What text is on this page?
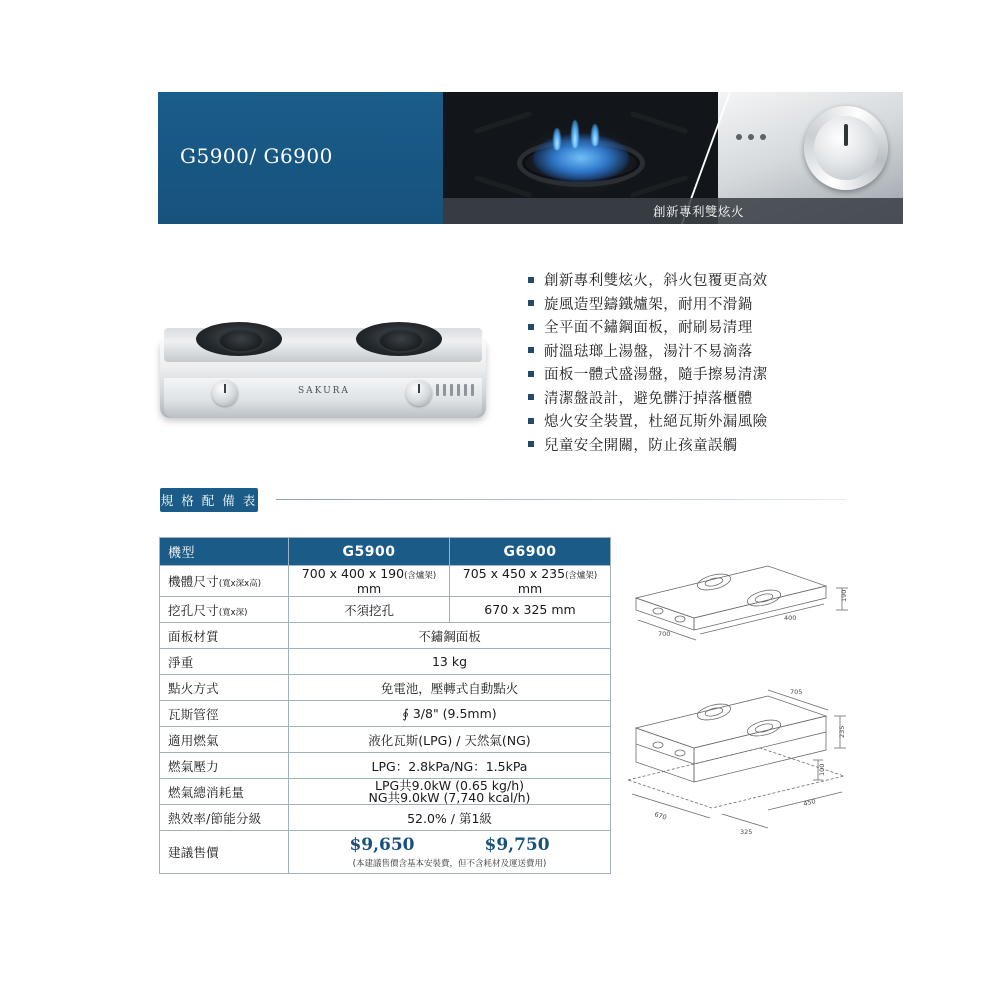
創新專利雙炫火
內外雙環獨立控火
G5900/ G6900
SAKURA
創新專利雙炫火，斜火包覆更高效
旋風造型鑄鐵爐架，耐用不滑鍋
全平面不鏽鋼面板，耐刷易清理
耐溫琺瑯上湯盤，湯汁不易滴落
面板一體式盛湯盤，隨手擦易清潔
清潔盤設計，避免髒汙掉落櫃體
熄火安全裝置，杜絕瓦斯外漏風險
兒童安全開關，防止孩童誤觸
規 格 配 備 表
機型	G5900	G6900
機體尺寸(寬x深x高)	700 x 400 x 190(含爐架) mm	705 x 450 x 235(含爐架) mm
挖孔尺寸(寬x深)	不須挖孔	670 x 325 mm
面板材質	不鏽鋼面板	
淨重	13 kg	
點火方式	免電池，壓轉式自動點火	
瓦斯管徑	∮ 3/8" (9.5mm)	
適用燃氣	液化瓦斯(LPG) / 天然氣(NG)	
燃氣壓力	LPG：2.8kPa/NG：1.5kPa	
燃氣總消耗量	LPG共9.0kW (0.65 kg/h)
NG共9.0kW (7,740 kcal/h)	

熱效率/節能分級	52.0% / 第1級	
建議售價	$9,650 $9,750
(本建議售價含基本安裝費，但不含耗材及運送費用)	
700
400
190
705
235
100
670
450
325
